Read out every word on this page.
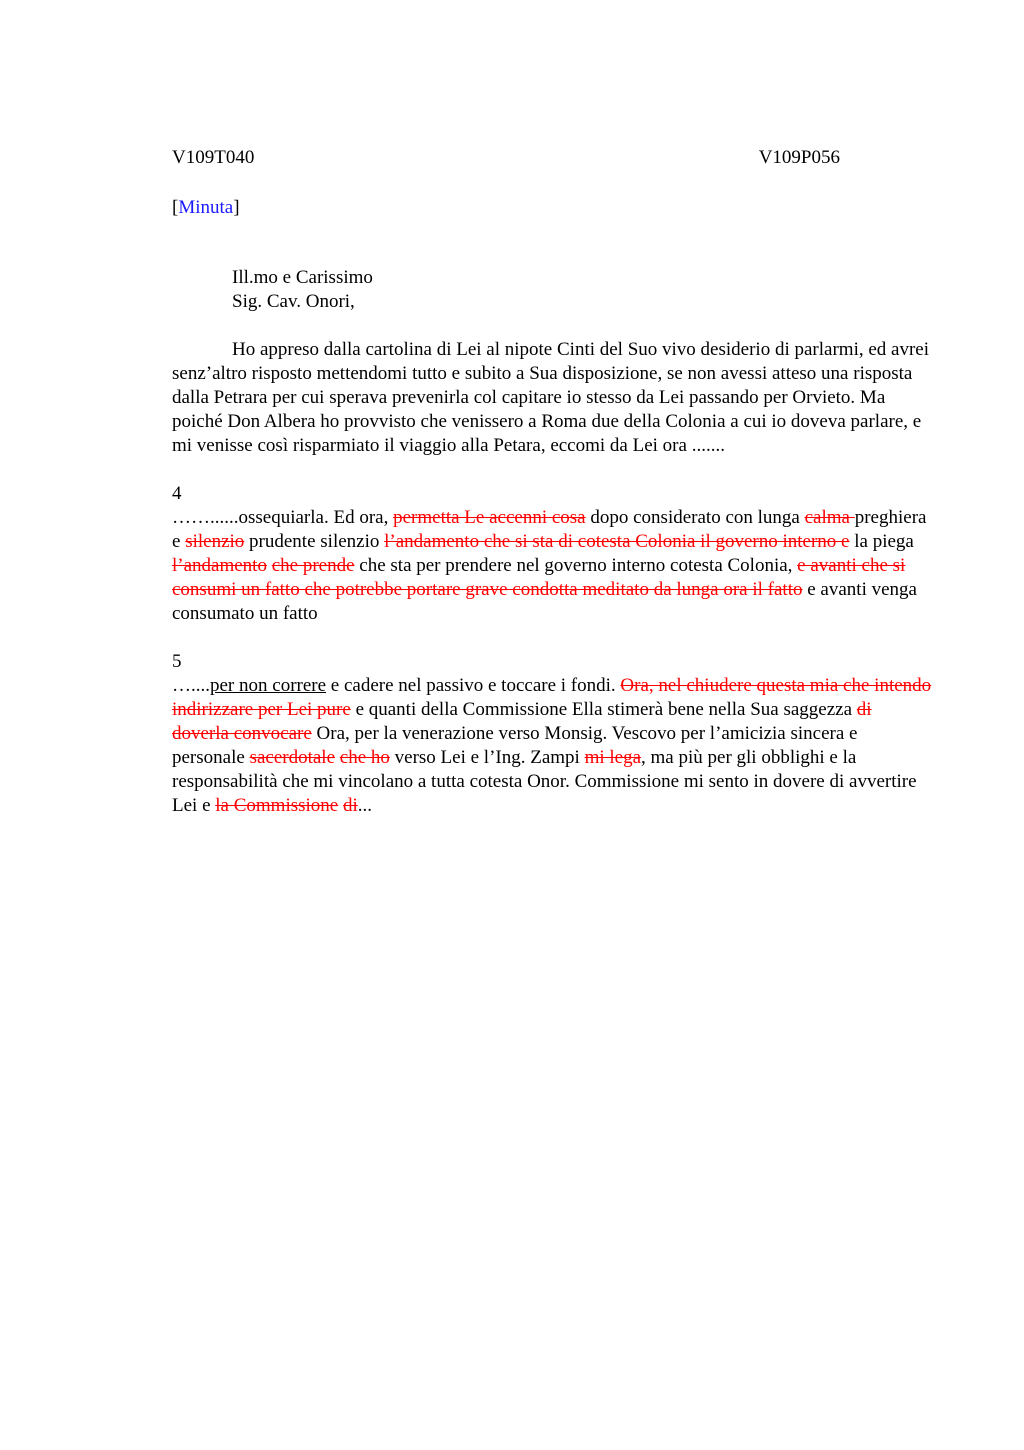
V109T040	V109P056
[Minuta]
Ill.mo e Carissimo
Sig. Cav. Onori,
Ho appreso dalla cartolina di Lei al nipote Cinti del Suo vivo desiderio di parlarmi, ed avrei senz’altro risposto mettendomi tutto e subito a Sua disposizione, se non avessi atteso una risposta dalla Petrara per cui sperava prevenirla col capitare io stesso da Lei passando per Orvieto. Ma poiché Don Albera ho provvisto che venissero a Roma due della Colonia a cui io doveva parlare, e mi venisse così risparmiato il viaggio alla Petara, eccomi da Lei ora .......
4
……......ossequiarla. Ed ora, permetta Le accenni cosa dopo considerato con lunga calma preghiera e silenzio prudente silenzio l’andamento che si sta di cotesta Colonia il governo interno e la piega l’andamento che prende che sta per prendere nel governo interno cotesta Colonia, e avanti che si consumi un fatto che potrebbe portare grave condotta meditato da lunga ora il fatto e avanti venga consumato un fatto
5
…....per non correre e cadere nel passivo e toccare i fondi. Ora, nel chiudere questa mia che intendo indirizzare per Lei pure e quanti della Commissione Ella stimerà bene nella Sua saggezza di doverla convocare Ora, per la venerazione verso Monsig. Vescovo per l’amicizia sincera e personale sacerdotale che ho verso Lei e l’Ing. Zampi mi lega, ma più per gli obblighi e la responsabilità che mi vincolano a tutta cotesta Onor. Commissione mi sento in dovere di avvertire Lei e la Commissione di...
